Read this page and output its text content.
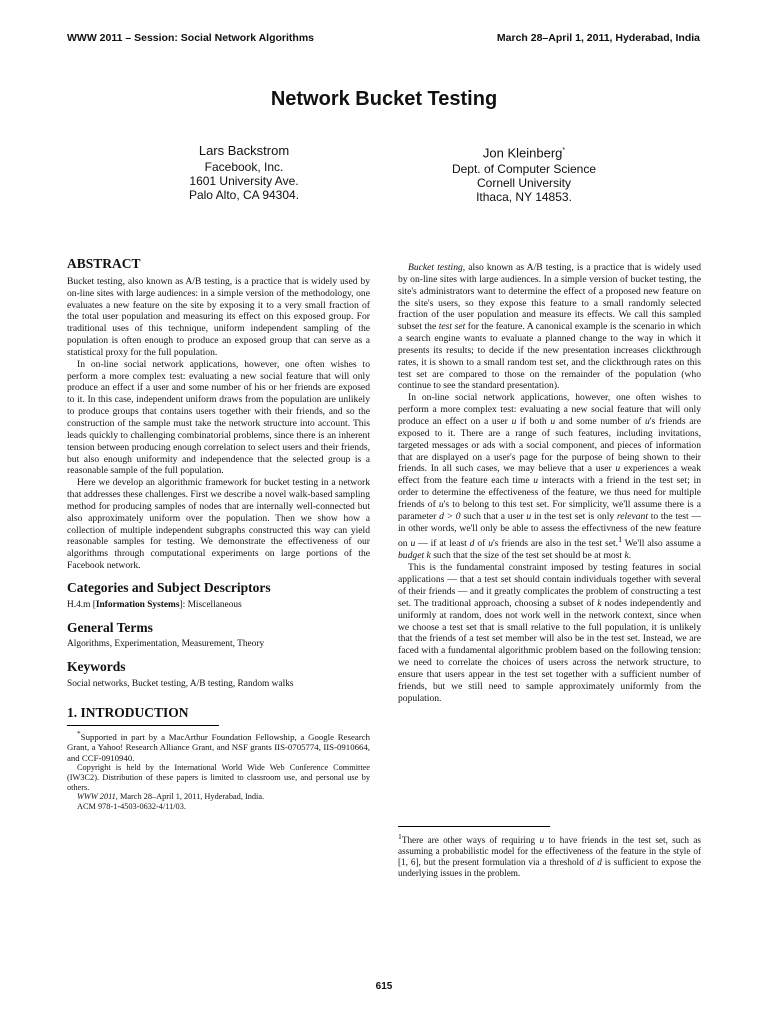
WWW 2011 – Session: Social Network Algorithms	March 28–April 1, 2011, Hyderabad, India
Network Bucket Testing
Lars Backstrom
Facebook, Inc.
1601 University Ave.
Palo Alto, CA 94304.
Jon Kleinberg*
Dept. of Computer Science
Cornell University
Ithaca, NY 14853.
ABSTRACT

Bucket testing, also known as A/B testing, is a practice that is widely used by on-line sites with large audiences: in a simple version of the methodology, one evaluates a new feature on the site by exposing it to a very small fraction of the total user population and measuring its effect on this exposed group. For traditional uses of this technique, uniform independent sampling of the population is often enough to produce an exposed group that can serve as a statistical proxy for the full population.

In on-line social network applications, however, one often wishes to perform a more complex test: evaluating a new social feature that will only produce an effect if a user and some number of his or her friends are exposed to it. In this case, independent uniform draws from the population are unlikely to produce groups that contains users together with their friends, and so the construction of the sample must take the network structure into account. This leads quickly to challenging combinatorial problems, since there is an inherent tension between producing enough correlation to select users and their friends, but also enough uniformity and independence that the selected group is a reasonable sample of the full population.

Here we develop an algorithmic framework for bucket testing in a network that addresses these challenges. First we describe a novel walk-based sampling method for producing samples of nodes that are internally well-connected but also approximately uniform over the population. Then we show how a collection of multiple independent subgraphs constructed this way can yield reasonable samples for testing. We demonstrate the effectiveness of our algorithms through computational experiments on large portions of the Facebook network.

Categories and Subject Descriptors

H.4.m [Information Systems]: Miscellaneous

General Terms

Algorithms, Experimentation, Measurement, Theory

Keywords

Social networks, Bucket testing, A/B testing, Random walks

1. INTRODUCTION

*Supported in part by a MacArthur Foundation Fellowship, a Google Research Grant, a Yahoo! Research Alliance Grant, and NSF grants IIS-0705774, IIS-0910664, and CCF-0910940.

Copyright is held by the International World Wide Web Conference Committee (IW3C2). Distribution of these papers is limited to classroom use, and personal use by others.

WWW 2011, March 28–April 1, 2011, Hyderabad, India.

ACM 978-1-4503-0632-4/11/03.

Bucket testing, also known as A/B testing, is a practice that is widely used by on-line sites with large audiences. In a simple version of bucket testing, the site's administrators want to determine the effect of a proposed new feature on the site's users, so they expose this feature to a small randomly selected fraction of the user population and measure its effects. We call this sampled subset the test set for the feature. A canonical example is the scenario in which a search engine wants to evaluate a planned change to the way in which it presents its results; to decide if the new presentation increases clickthrough rates, it is shown to a small random test set, and the clickthrough rates on this test set are compared to those on the remainder of the population (who continue to see the standard presentation).

In on-line social network applications, however, one often wishes to perform a more complex test: evaluating a new social feature that will only produce an effect on a user u if both u and some number of u's friends are exposed to it. There are a range of such features, including invitations, targeted messages or ads with a social component, and pieces of information that are displayed on a user's page for the purpose of being shown to their friends. In all such cases, we may believe that a user u experiences a weak effect from the feature each time u interacts with a friend in the test set; in order to determine the effectiveness of the feature, we thus need for multiple friends of u's to belong to this test set. For simplicity, we'll assume there is a parameter d > 0 such that a user u in the test set is only relevant to the test — in other words, we'll only be able to assess the effectivness of the new feature on u — if at least d of u's friends are also in the test set.$^1$ We'll also assume a budget k such that the size of the test set should be at most k.

This is the fundamental constraint imposed by testing features in social applications — that a test set should contain individuals together with several of their friends — and it greatly complicates the problem of constructing a test set. The traditional approach, choosing a subset of k nodes independently and uniformly at random, does not work well in the network context, since when we choose a test set that is small relative to the full population, it is unlikely that the friends of a test set member will also be in the test set. Instead, we are faced with a fundamental algorithmic problem based on the following tension: we need to correlate the choices of users across the network structure, to ensure that users appear in the test set together with a sufficient number of friends, but we still need to sample approximately uniformly from the population.

$^1$There are other ways of requiring u to have friends in the test set, such as assuming a probabilistic model for the effectiveness of the feature in the style of [1, 6], but the present formulation via a threshold of d is sufficient to expose the underlying issues in the problem.
615
